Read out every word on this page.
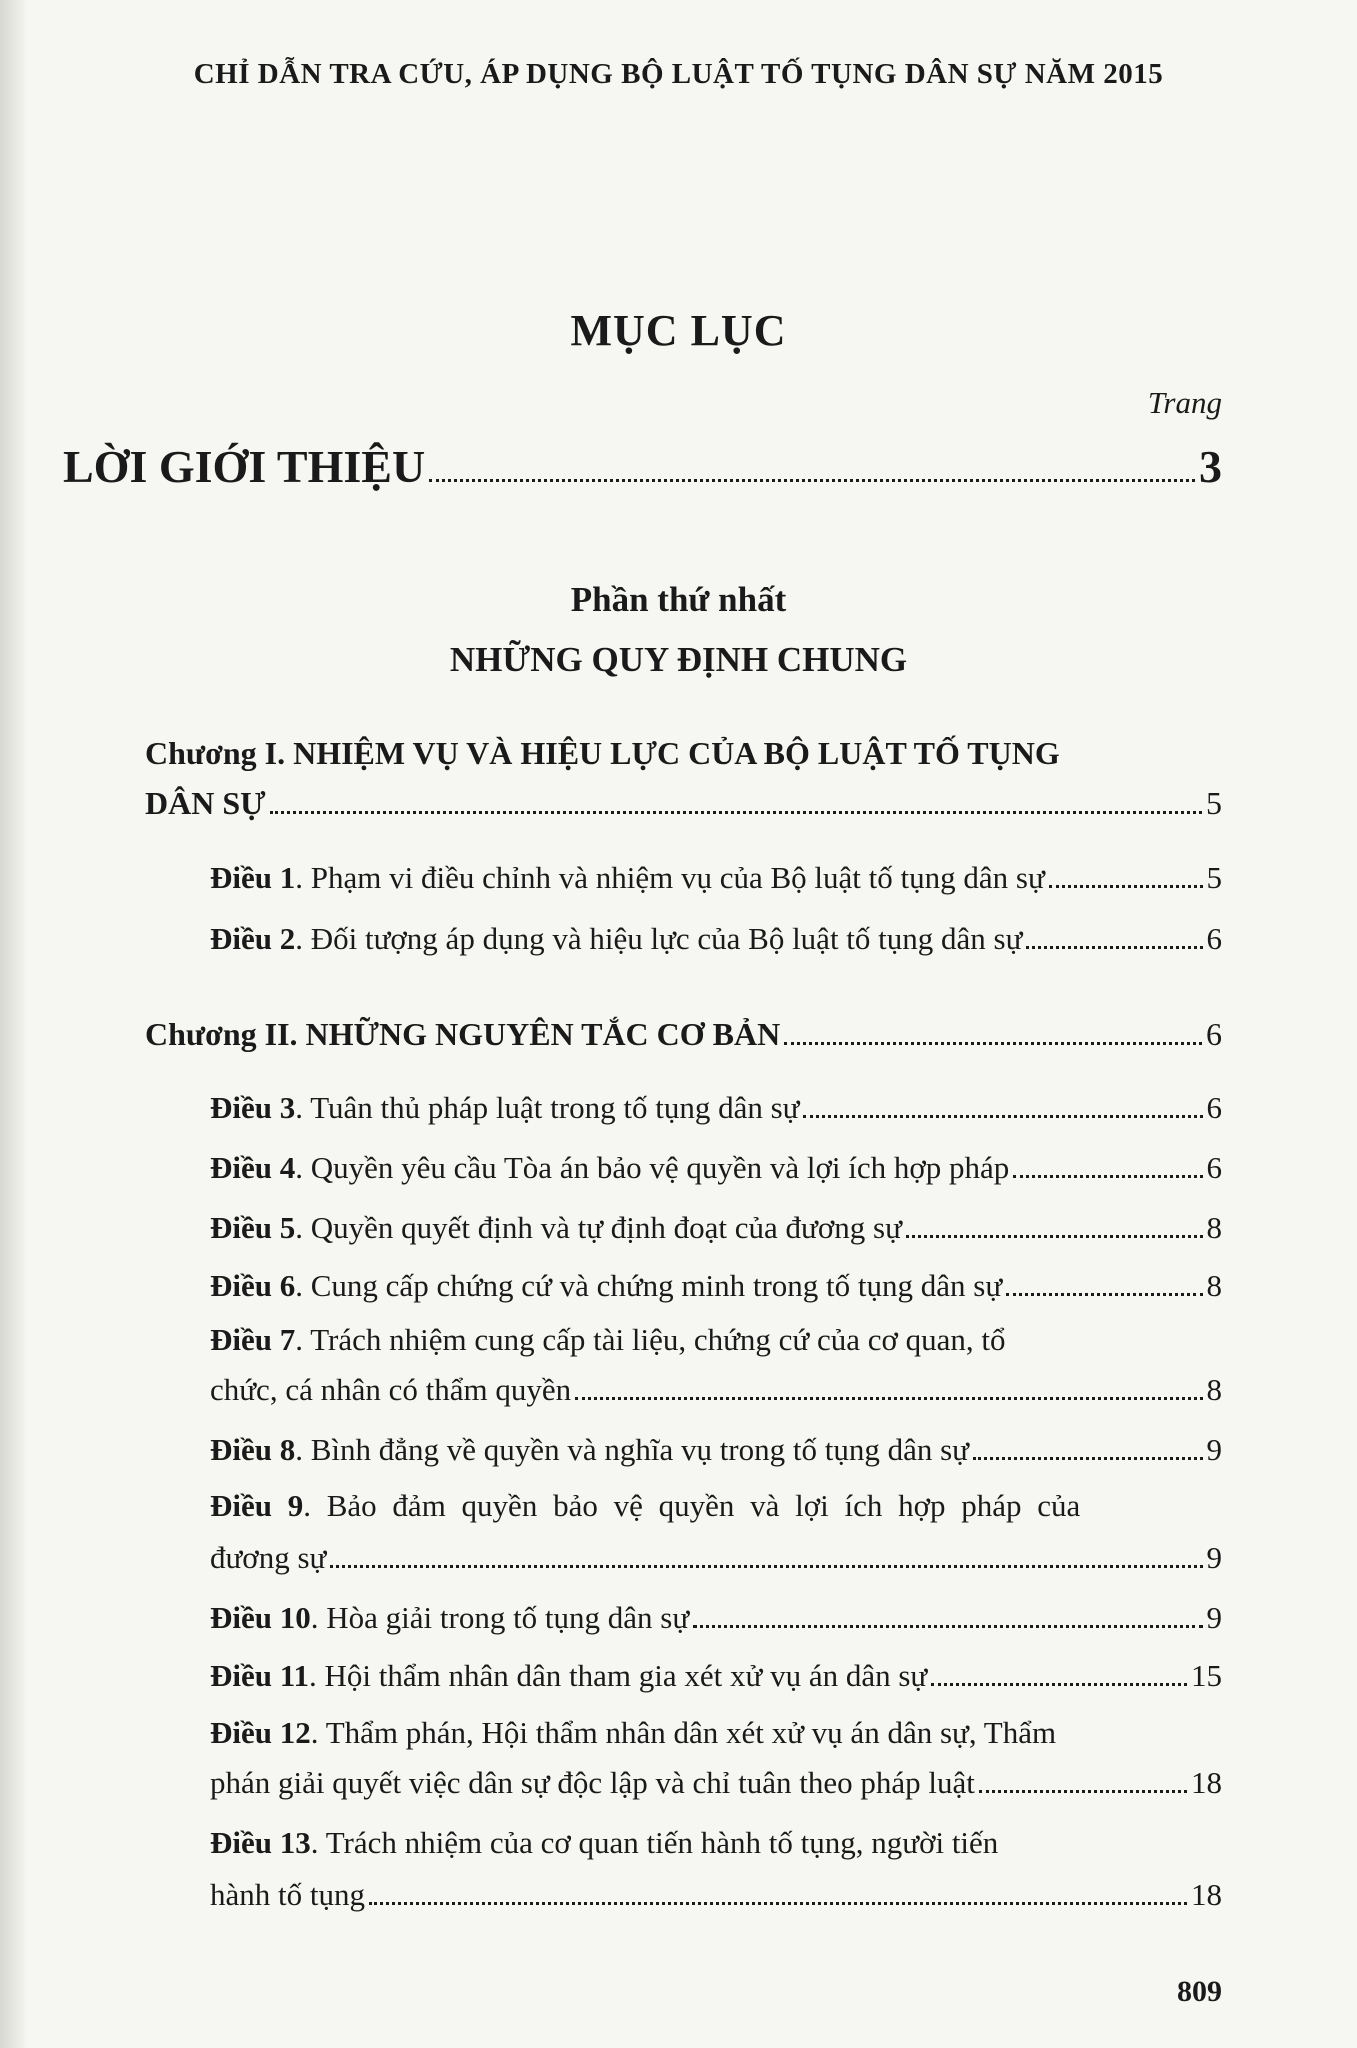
CHỈ DẪN TRA CỨU, ÁP DỤNG BỘ LUẬT TỐ TỤNG DÂN SỰ NĂM 2015
MỤC LỤC
Trang
LỜI GIỚI THIỆU	3
Phần thứ nhất
NHỮNG QUY ĐỊNH CHUNG
Chương I. NHIỆM VỤ VÀ HIỆU LỰC CỦA BỘ LUẬT TỐ TỤNG
DÂN SỰ	5
Điều 1. Phạm vi điều chỉnh và nhiệm vụ của Bộ luật tố tụng dân sự	5
Điều 2. Đối tượng áp dụng và hiệu lực của Bộ luật tố tụng dân sự	6
Chương II. NHỮNG NGUYÊN TẮC CƠ BẢN	6
Điều 3. Tuân thủ pháp luật trong tố tụng dân sự	6
Điều 4. Quyền yêu cầu Tòa án bảo vệ quyền và lợi ích hợp pháp	6
Điều 5. Quyền quyết định và tự định đoạt của đương sự	8
Điều 6. Cung cấp chứng cứ và chứng minh trong tố tụng dân sự	8
Điều 7. Trách nhiệm cung cấp tài liệu, chứng cứ của cơ quan, tổ
chức, cá nhân có thẩm quyền	8
Điều 8. Bình đẳng về quyền và nghĩa vụ trong tố tụng dân sự	9
Điều 9. Bảo đảm quyền bảo vệ quyền và lợi ích hợp pháp của
đương sự	9
Điều 10. Hòa giải trong tố tụng dân sự	9
Điều 11. Hội thẩm nhân dân tham gia xét xử vụ án dân sự	15
Điều 12. Thẩm phán, Hội thẩm nhân dân xét xử vụ án dân sự, Thẩm
phán giải quyết việc dân sự độc lập và chỉ tuân theo pháp luật	18
Điều 13. Trách nhiệm của cơ quan tiến hành tố tụng, người tiến
hành tố tụng	18
809
